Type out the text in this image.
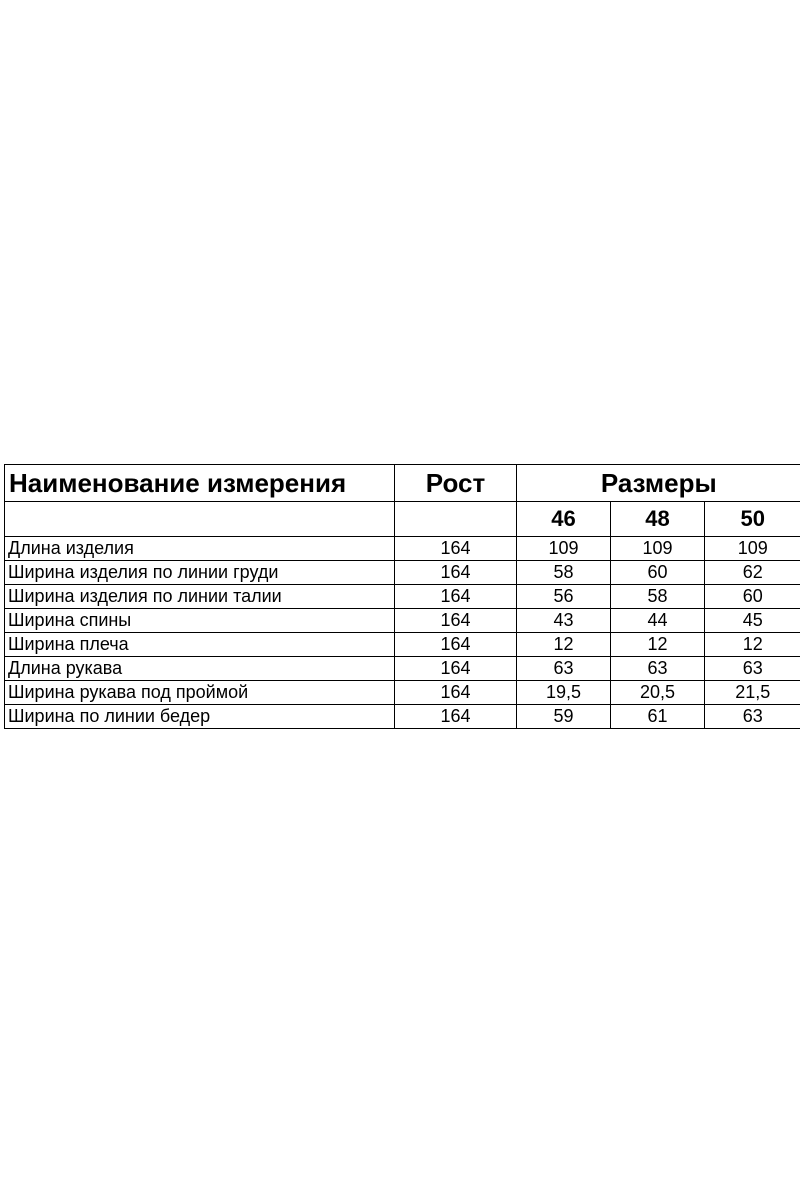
Наименование измерения	Рост	Размеры		
		46	48	50
Длина изделия	164	109	109	109
Ширина изделия по линии груди	164	58	60	62
Ширина изделия по линии талии	164	56	58	60
Ширина спины	164	43	44	45
Ширина плеча	164	12	12	12
Длина рукава	164	63	63	63
Ширина рукава под проймой	164	19,5	20,5	21,5
Ширина по линии бедер	164	59	61	63
